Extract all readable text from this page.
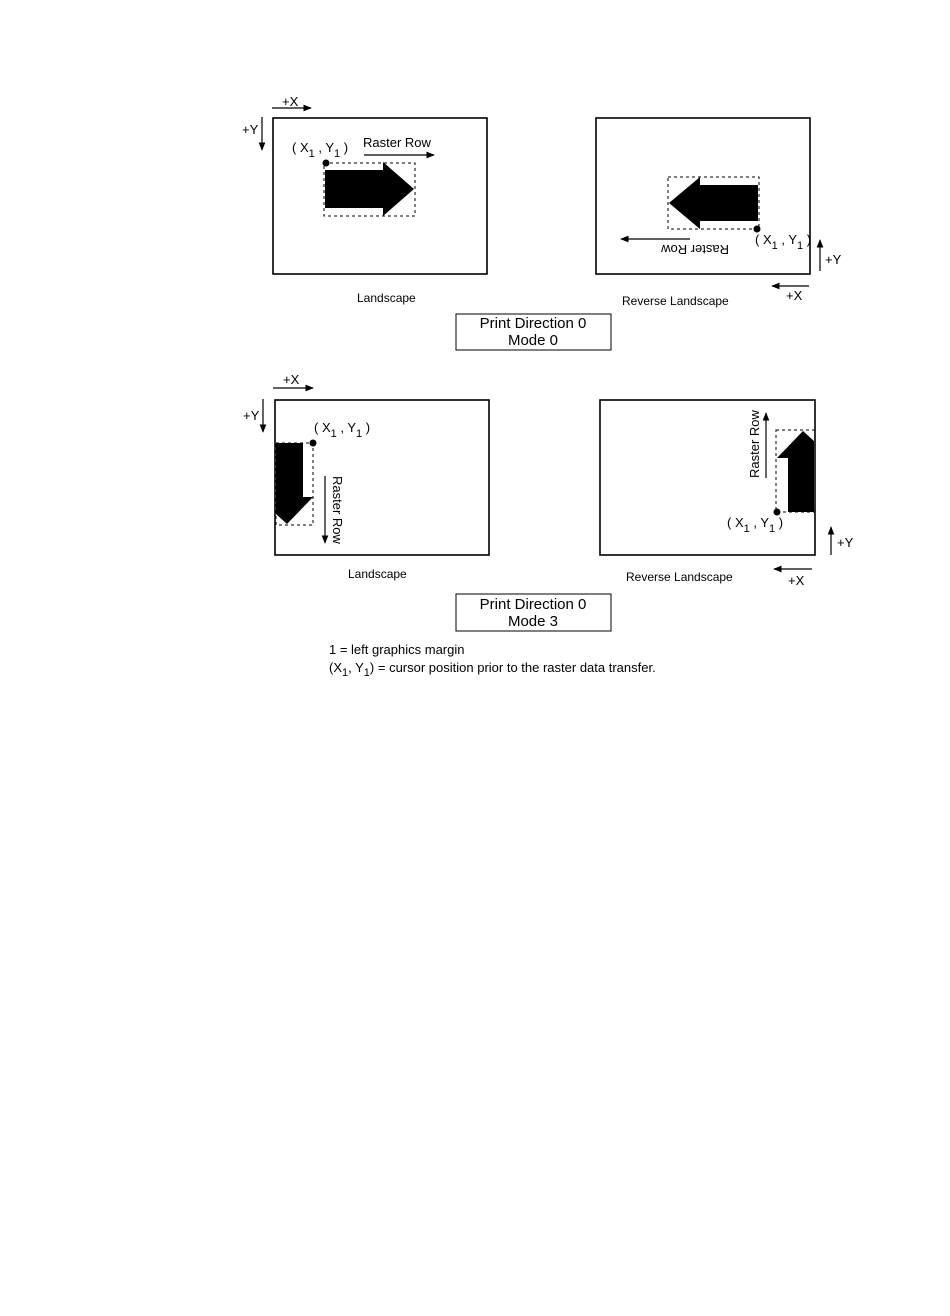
+X
+Y
( $X_1$ , $Y_1$ ) Raster Row
Landscape
Raster Row
( $X_1$ , $Y_1$ )
+Y
+X
Reverse Landscape
Print Direction 0
Mode 0
+X
+Y
( $X_1$ , $Y_1$ )
Raster Row
Landscape
Raster Row
( $X_1$ , $Y_1$ )
+Y
+X
Reverse Landscape
Print Direction 0
Mode 3
1 = left graphics margin
($X_1$, $Y_1$) = cursor position prior to the raster data transfer.
